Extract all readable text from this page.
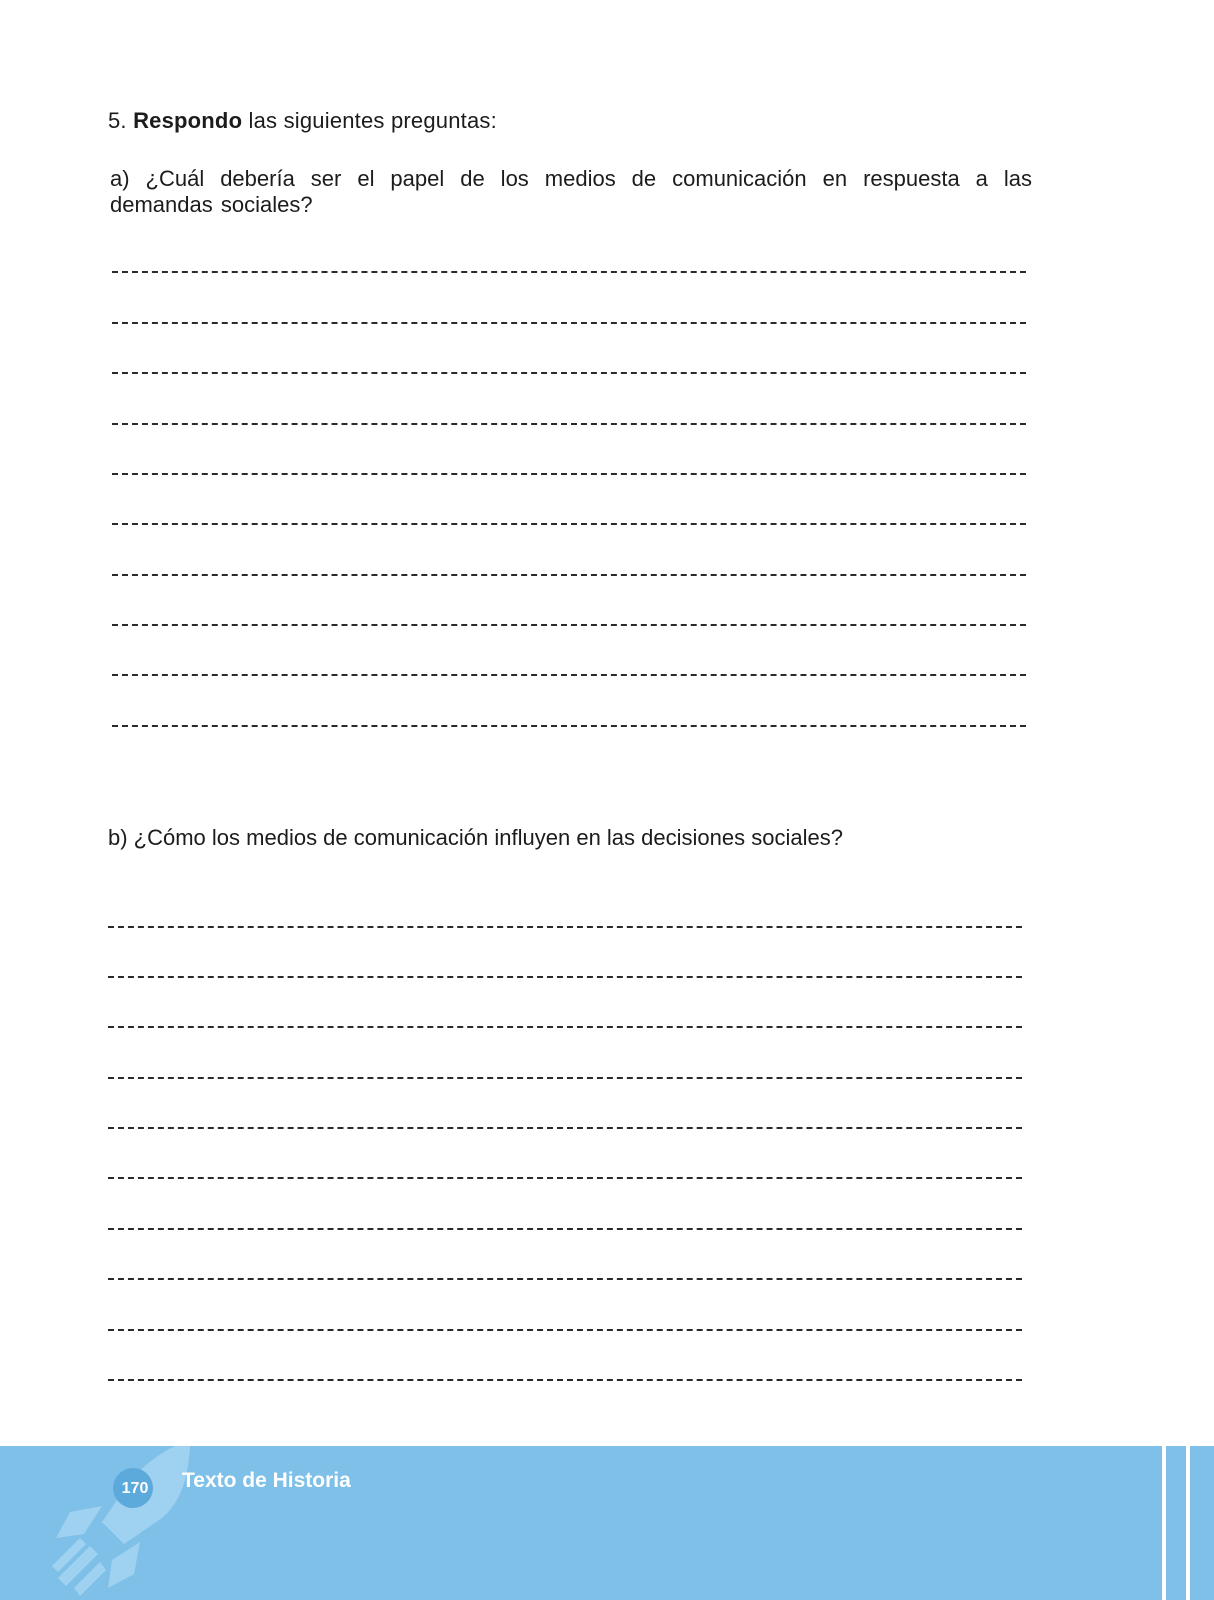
5. Respondo las siguientes preguntas:
a) ¿Cuál debería ser el papel de los medios de comunicación en respuesta a las demandas sociales?
b) ¿Cómo los medios de comunicación influyen en las decisiones sociales?
170 Texto de Historia
